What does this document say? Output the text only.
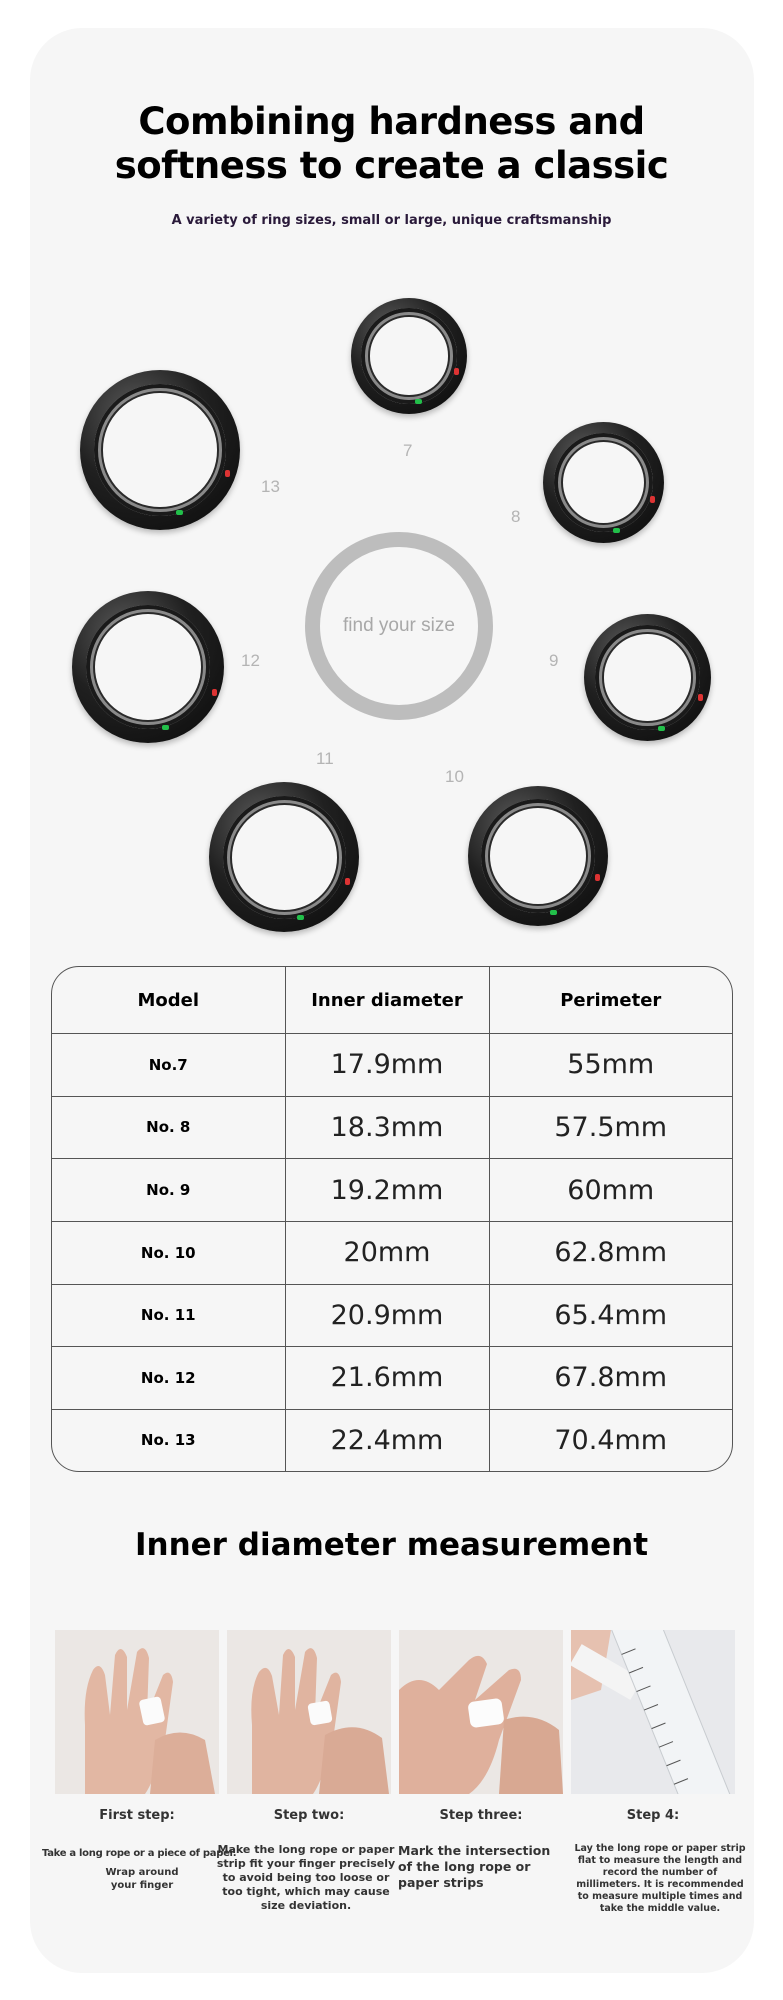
Combining hardness and
softness to create a classic
A variety of ring sizes, small or large, unique craftsmanship
7
8
9
10
11
12
13
find your size
Model	Inner diameter	Perimeter
No.7	17.9mm	55mm
No. 8	18.3mm	57.5mm
No. 9	19.2mm	60mm
No. 10	20mm	62.8mm
No. 11	20.9mm	65.4mm
No. 12	21.6mm	67.8mm
No. 13	22.4mm	70.4mm
Inner diameter measurement
First step:	Step two:	Step three:	Step 4:
Take a long rope or a piece of paper.
Wrap around your finger
Make the long rope or paper strip fit your finger precisely to avoid being too loose or too tight, which may cause size deviation.
Mark the intersection of the long rope or paper strips
Lay the long rope or paper strip flat to measure the length and record the number of millimeters. It is recommended to measure multiple times and take the middle value.
